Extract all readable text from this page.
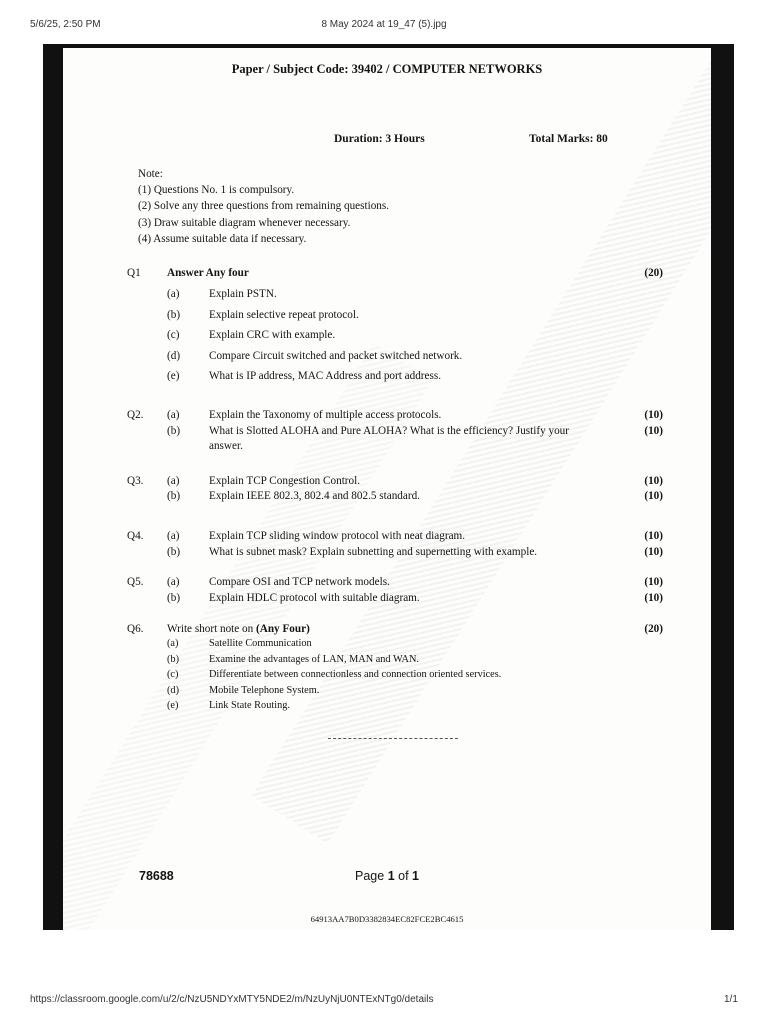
5/6/25, 2:50 PM	8 May 2024 at 19_47 (5).jpg
Paper / Subject Code: 39402 / COMPUTER NETWORKS
Duration: 3 Hours	Total Marks: 80
Note:
(1) Questions No. 1 is compulsory.
(2) Solve any three questions from remaining questions.
(3) Draw suitable diagram whenever necessary.
(4) Assume suitable data if necessary.
Q1 Answer Any four	(20)
(a)	Explain PSTN.
(b)	Explain selective repeat protocol.
(c)	Explain CRC with example.
(d)	Compare Circuit switched and packet switched network.
(e)	What is IP address, MAC Address and port address.
Q2. (a)	Explain the Taxonomy of multiple access protocols.	(10)
(b)	What is Slotted ALOHA and Pure ALOHA? What is the efficiency? Justify your
answer.
(10)
Q3. (a)	Explain TCP Congestion Control.	(10)
(b)	Explain IEEE 802.3, 802.4 and 802.5 standard.	(10)
Q4. (a)	Explain TCP sliding window protocol with neat diagram.	(10)
(b)	What is subnet mask? Explain subnetting and supernetting with example.	(10)
Q5. (a)	Compare OSI and TCP network models.	(10)
(b)	Explain HDLC protocol with suitable diagram.	(10)
Q6. Write short note on (Any Four)	(20)
(a)	Satellite Communication
(b)	Examine the advantages of LAN, MAN and WAN.
(c)	Differentiate between connectionless and connection oriented services.
(d)	Mobile Telephone System.
(e)	Link State Routing.
78688	Page 1 of 1
64913AA7B0D3382834EC82FCE2BC4615
https://classroom.google.com/u/2/c/NzU5NDYxMTY5NDE2/m/NzUyNjU0NTExNTg0/details	1/1
